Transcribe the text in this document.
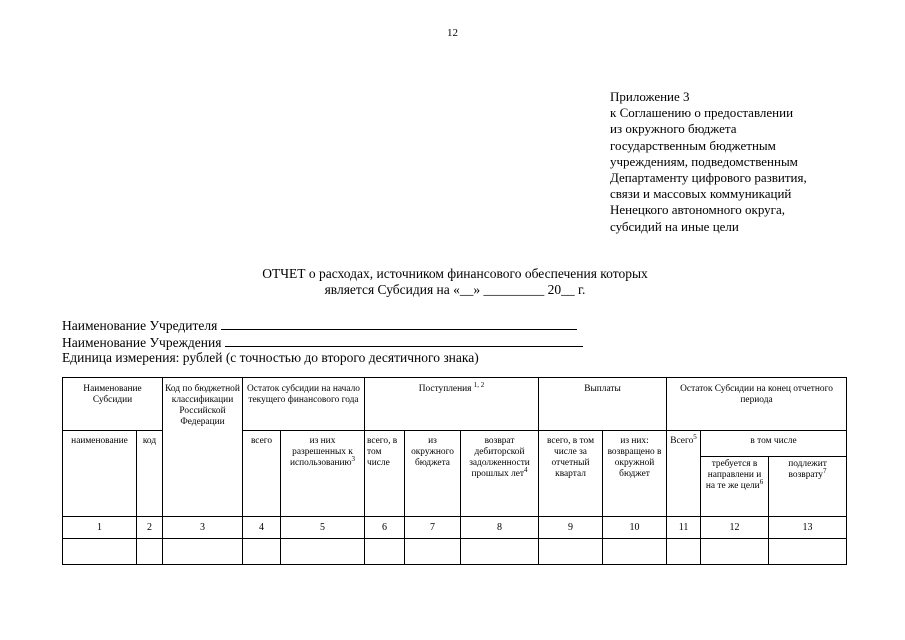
12
Приложение 3
к Соглашению о предоставлении
из окружного бюджета
государственным бюджетным
учреждениям, подведомственным
Департаменту цифрового развития,
связи и массовых коммуникаций
Ненецкого автономного округа,
субсидий на иные цели
ОТЧЕТ о расходах, источником финансового обеспечения которых
является Субсидия на «__» _________ 20__ г.
Наименование Учредителя
Наименование Учреждения
Единица измерения: рублей (с точностью до второго десятичного знака)
Наименование Субсидии		Код по бюджетной классификации Российской Федерации	Остаток субсидии на начало текущего финансового года		Поступления $^{1, 2}$			Выплаты		Остаток Субсидии на конец отчетного периода		
наименование	код		всего	из них разрешенных к использованию$^3$	всего, в том числе	из окружного бюджета	возврат дебиторской задолженности прошлых лет$^4$	всего, в том числе за отчетный квартал	из них: возвращено в окружной бюджет	Всего$^5$	в том числе	
											требуется в направлени и на те же цели$^6$	подлежит возврату$^7$
1	2	3	4	5	6	7	8	9	10	11	12	13
